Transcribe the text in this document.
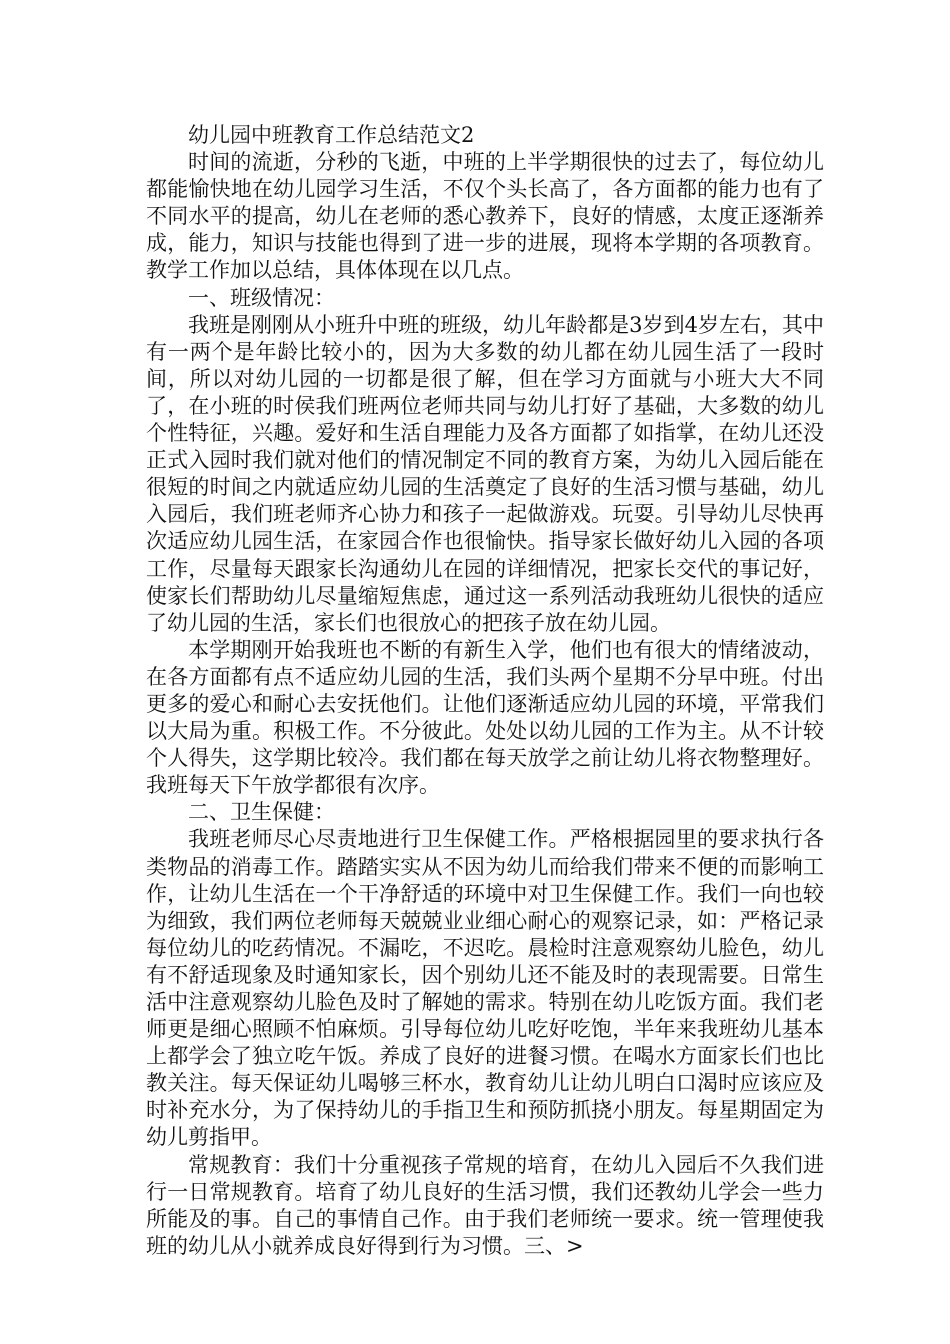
幼儿园中班教育工作总结范文2

时间的流逝，分秒的飞逝，中班的上半学期很快的过去了，每位幼儿都能愉快地在幼儿园学习生活，不仅个头长高了，各方面都的能力也有了不同水平的提高，幼儿在老师的悉心教养下，良好的情感，太度正逐渐养成，能力，知识与技能也得到了进一步的进展，现将本学期的各项教育。教学工作加以总结，具体体现在以几点。

一、班级情况：

我班是刚刚从小班升中班的班级，幼儿年龄都是3岁到4岁左右，其中有一两个是年龄比较小的，因为大多数的幼儿都在幼儿园生活了一段时间，所以对幼儿园的一切都是很了解，但在学习方面就与小班大大不同了，在小班的时侯我们班两位老师共同与幼儿打好了基础，大多数的幼儿个性特征，兴趣。爱好和生活自理能力及各方面都了如指掌，在幼儿还没正式入园时我们就对他们的情况制定不同的教育方案，为幼儿入园后能在很短的时间之内就适应幼儿园的生活奠定了良好的生活习惯与基础，幼儿入园后，我们班老师齐心协力和孩子一起做游戏。玩耍。引导幼儿尽快再次适应幼儿园生活，在家园合作也很愉快。指导家长做好幼儿入园的各项工作，尽量每天跟家长沟通幼儿在园的详细情况，把家长交代的事记好，使家长们帮助幼儿尽量缩短焦虑，通过这一系列活动我班幼儿很快的适应了幼儿园的生活，家长们也很放心的把孩子放在幼儿园。

本学期刚开始我班也不断的有新生入学，他们也有很大的情绪波动，在各方面都有点不适应幼儿园的生活，我们头两个星期不分早中班。付出更多的爱心和耐心去安抚他们。让他们逐渐适应幼儿园的环境，平常我们以大局为重。积极工作。不分彼此。处处以幼儿园的工作为主。从不计较个人得失，这学期比较冷。我们都在每天放学之前让幼儿将衣物整理好。我班每天下午放学都很有次序。

二、卫生保健：

我班老师尽心尽责地进行卫生保健工作。严格根据园里的要求执行各类物品的消毒工作。踏踏实实从不因为幼儿而给我们带来不便的而影响工作，让幼儿生活在一个干净舒适的环境中对卫生保健工作。我们一向也较为细致，我们两位老师每天兢兢业业细心耐心的观察记录，如：严格记录每位幼儿的吃药情况。不漏吃，不迟吃。晨检时注意观察幼儿脸色，幼儿有不舒适现象及时通知家长，因个别幼儿还不能及时的表现需要。日常生活中注意观察幼儿脸色及时了解她的需求。特别在幼儿吃饭方面。我们老师更是细心照顾不怕麻烦。引导每位幼儿吃好吃饱，半年来我班幼儿基本上都学会了独立吃午饭。养成了良好的进餐习惯。在喝水方面家长们也比教关注。每天保证幼儿喝够三杯水，教育幼儿让幼儿明白口渴时应该应及时补充水分，为了保持幼儿的手指卫生和预防抓挠小朋友。每星期固定为幼儿剪指甲。

常规教育：我们十分重视孩子常规的培育，在幼儿入园后不久我们进行一日常规教育。培育了幼儿良好的生活习惯，我们还教幼儿学会一些力所能及的事。自己的事情自己作。由于我们老师统一要求。统一管理使我班的幼儿从小就养成良好得到行为习惯。三、>
